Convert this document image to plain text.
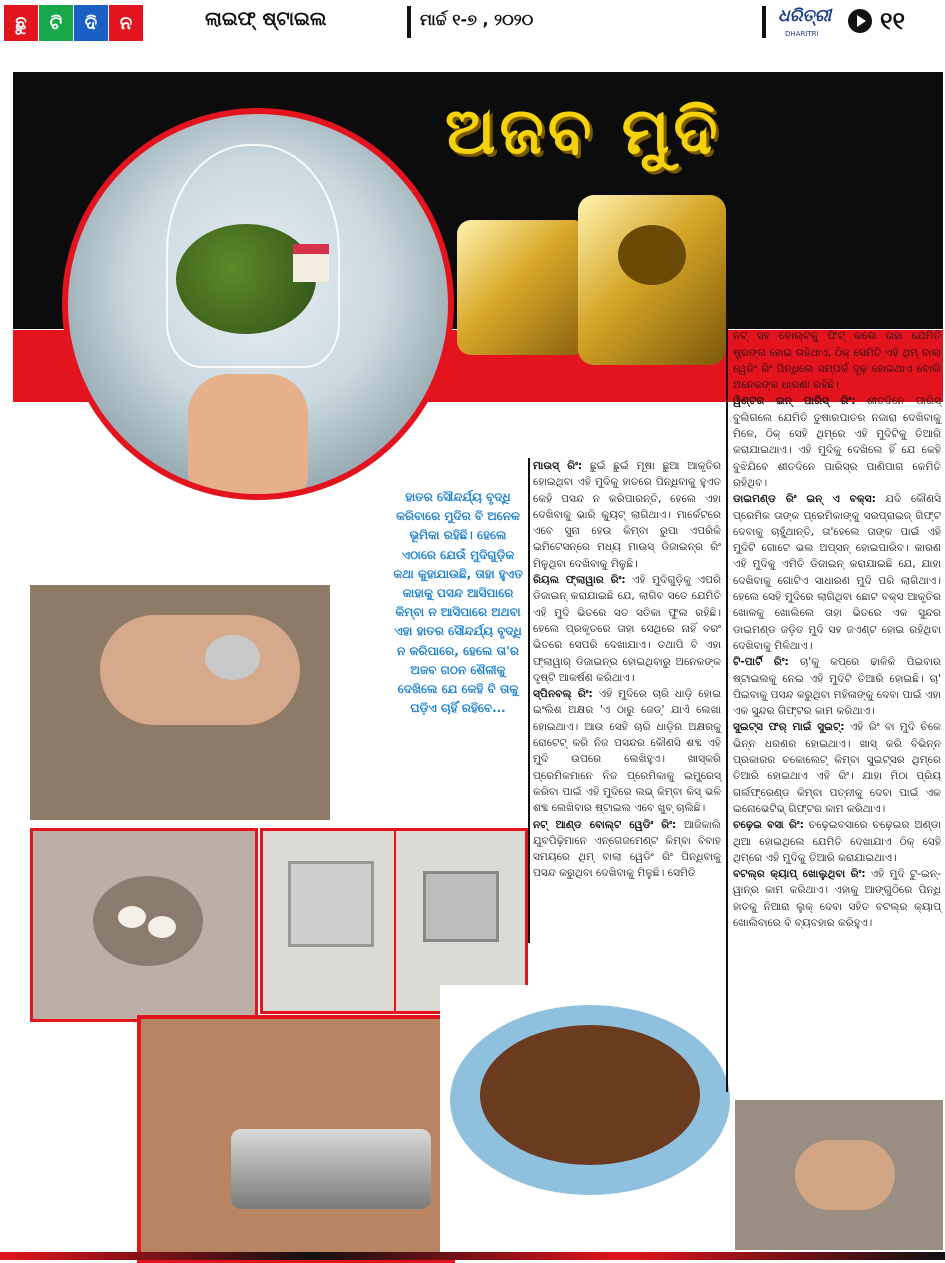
ଛୁ	ଟି	ଦି	ନ	ଲାଇଫ୍ ଷ୍ଟାଇଲ	ମାର୍ଚ୍ଚ ୧-୭ , ୨୦୨୦	ଧରିତ୍ରୀ
DHARITRI	୧୧
ଅଜବ ମୁଦି
ହାତର ସୌନ୍ଦର୍ଯ୍ୟ ବୃଦ୍ଧି କରିବାରେ ମୁଦିର ବି ଅନେକ ଭୂମିକା ରହିଛି। ହେଲେ ଏଠାରେ ଯେଉଁ ମୁଦିଗୁଡ଼ିକ କଥା କୁହାଯାଉଛି, ତାହା ହୁଏତ କାହାକୁ ପସନ୍ଦ ଆସିପାରେ କିମ୍ବା ନ ଆସିପାରେ ଅଥବା ଏହା ହାତର ସୌନ୍ଦର୍ଯ୍ୟ ବୃଦ୍ଧି ନ କରିପାରେ, ହେଲେ ତା'ର ଅଜବ ଗଠନ ଶୈଳୀକୁ ଦେଖିଲେ ଯେ କେହି ବି ତାକୁ ଘଡ଼ିଏ ଚାହିଁ ରହିବେ...

ମାଉସ୍ ରିଂ: ଛୁଇଁ ଛୁଇଁ ମୂଷା ଛୁଆ ଆକୃତିର ହୋଇଥିବା ଏହି ମୁଦିକୁ ହାତରେ ପିନ୍ଧିବାକୁ ହୁଏତ କେହି ପସନ୍ଦ ନ କରିପାରନ୍ତି, ହେଲେ ଏହା ଦେଖିବାକୁ ଭାରି କ୍ୟୁଟ୍ ଲାଗିଥାଏ। ମାର୍କେଟରେ ଏବେ ସୁନା ହେଉ କିମ୍ବା ରୁପା ଏପରିକି ଇମିଟେସନ୍‌ରେ ମଧ୍ୟ ମାଉସ୍ ଡିଜାଇନ୍‌ର ରିଂ ମିଳୁଥିବା ଦେଖିବାକୁ ମିଳୁଛି।

ରିୟଲ ଫ୍ଲାୱାର ରିଂ: ଏହି ମୁଦିଗୁଡ଼ିକୁ ଏପରି ଡିଜାଇନ୍ କରାଯାଇଛି ଯେ, ଲାଗିବ ସତେ ଯେମିତି ଏହି ମୁଦି ଭିତରେ ସତ ସତିକା ଫୁଲ ରହିଛି। ହେଲେ ପ୍ରକୃତରେ ତାହା ସେଥିରେ ନାହିଁ ବରଂ ଭିତରେ ସେପରି ଦେଖାଯାଏ। ତଥାପି ବି ଏହା ଫ୍ଲାୱାର୍ ଡିଜାଇନ୍‌ର ହୋଇଥିବାରୁ ଅନେକଙ୍କ ଦୃଷ୍ଟି ଆକର୍ଷଣ କରିଥାଏ।

ସ୍ପିନବଲ୍ ରିଂ: ଏହି ମୁଦିରେ ଚାରି ଧାଡ଼ି ହୋଇ ଇଂଲିଶ ଅକ୍ଷର 'ଏ ଠାରୁ ଜେଡ୍' ଯାଏଁ ଲେଖା ହୋଇଥାଏ। ଆଉ ସେହି ଚାରି ଧାଡ଼ିର ଅକ୍ଷରକୁ ରୋଟେଟ୍ କରି ନିଜ ପସନ୍ଦର କୌଣସି ଶବ୍ଦ ଏହି ମୁଦି ଉପରେ ଲେଖିହୁଏ। ଖାସ୍‌କରି ପ୍ରେମିକମାନେ ନିଜ ପ୍ରେମିକାକୁ ଇମ୍ପ୍ରେସ୍ କରିବା ପାଇଁ ଏହି ମୁଦିରେ ଲଭ୍ କିମ୍ବା କିସ୍ ଭଳି ଶବ୍ଦ ଲେଖିବାର ଷ୍ଟାଇଲ ଏବେ ଖୁବ୍ ଚାଲିଛି।

ନଟ୍ ଆଣ୍ଡ ବୋଲ୍ଟ ୱେଡିଂ ରିଂ: ଆଜିକାଲି ଯୁବପିଢ଼ିମାନେ ଏନ୍‌ଗେଜମେଣ୍ଟ କିମ୍ବା ବିବାହ ସମୟରେ ଥିମ୍ ବାଲା ୱେଡିଂ ରିଂ ପିନ୍ଧିବାକୁ ପସନ୍ଦ କରୁଥିବା ଦେଖିବାକୁ ମିଳୁଛି। ସେମିତି

ଏକ ଥିମ୍ ହେଉଛି ନଟ୍ ଆଣ୍ଡ ବୋଲ୍ଟ ୱେଡିଂ ରିଂ। ନଟ୍ ସହ ବୋଲ୍ଟକୁ ଫିଟ୍ କଲେ ତାହା ଯେମିତି ଷ୍ଟ୍ରଙ୍ଗ ହୋଇ ରହିଥାଏ, ଠିକ୍ ସେମିତି ଏହି ଥିମ୍ ବାଲା ୱେଡିଂ ରିଂ ପିନ୍ଧିଲେ ସମ୍ପର୍କ ଦୃଢ଼ ହୋଇଥାଏ ବୋଲି ଅନେକଙ୍କ ଧାରଣା ରହିଛି।

ୱିଣ୍ଟର ଇନ୍ ପାରିସ୍ ରିଂ: ଶୀତଦିନେ ପାରିସ୍ ବୁଲିଗଲେ ଯେମିତି ତୁଷାରପାତର ନଜାରା ଦେଖିବାକୁ ମିଳେ, ଠିକ୍ ସେହି ଥିମ୍‌ରେ ଏହି ମୁଦିଟିକୁ ତିଆରି କରାଯାଇଥାଏ। ଏହି ମୁଦିକୁ ଦେଖିଲେ ହିଁ ଯେ କେହି ବୁଝିଯିବେ ଶୀତଦିନେ ପାରିସ୍‌ର ପାଣିପାଗ କେମିତି ରହିଥିବ।

ଡାଇମଣ୍ଡ ରିଂ ଇନ୍ ଏ ବକ୍ସ: ଯଦି କୌଣସି ପ୍ରେମିକ ତାଙ୍କ ପ୍ରେମିକାଙ୍କୁ ସରପ୍ରାଇଜ୍ ଗିଫ୍ଟ ଦେବାକୁ ଚାହୁଁଥାନ୍ତି, ତା'ହେଲେ ତାଙ୍କ ପାଇଁ ଏହି ମୁଦିଟି ଗୋଟେ ଭଲ ଅପ୍ସନ୍ ହୋଇପାରିବ। କାରଣ ଏହି ମୁଦିକୁ ଏମିତି ଡିଜାଇନ୍ କରାଯାଇଛି ଯେ, ଯାହା ଦେଖିବାକୁ ଗୋଟିଏ ସାଧାରଣ ମୁଦି ପରି ଲାଗିଥାଏ। ହେଲେ ସେହି ମୁଦିରେ ଲାଗିଥିବା ଛୋଟ ବକ୍ସ ଆକୃତିର ଖୋଳକୁ ଖୋଲିଲେ ତାହା ଭିତରେ ଏକ ସୁନ୍ଦର ଡାଇମଣ୍ଡ ଜଡ଼ିତ ମୁଦି ସହ ଜଏଣ୍ଟ ହୋଇ ରହିଥିବା ଦେଖିବାକୁ ମିଳିଥାଏ।

ଟି-ପାର୍ଟି ରିଂ: ଚା'କୁ କପ୍‌ରେ ଢାଳିକି ପିଇବାର ଷ୍ଟାଇଲକୁ ନେଇ ଏହି ମୁଦିଟି ତିଆରି ହୋଇଛି। ଚା' ପିଇବାକୁ ପସନ୍ଦ କରୁଥିବା ମହିଳାଙ୍କୁ ଦେବା ପାଇଁ ଏହା ଏକ ସୁନ୍ଦର ଗିଫ୍ଟର କାମ କରିଥାଏ।

ସୁଇଟ୍ସ ଫର୍ ମାଇଁ ସୁଇଟ୍: ଏହି ରିଂ ବା ମୁଦି ଚିକେ ଭିନ୍ନ ଧରଣର ହୋଇଥାଏ। ଖାସ୍ କରି ବିଭିନ୍ନ ପ୍ରକାରର ଚକୋଲେଟ୍ କିମ୍ବା ସୁଇଟ୍ସର ଥିମ୍‌ରେ ତିଆରି ହୋଇଥାଏ ଏହି ରିଂ। ଯାହା ମିଠା ପ୍ରିୟ ଗର୍ଲଫ୍ରେଣ୍ଡ କିମ୍ବା ପତ୍ନୀକୁ ଦେବା ପାଇଁ ଏକ ଇନୋଭେଟିଭ୍ ଗିଫ୍ଟର କାମ କରିଥାଏ।

ଚଢ଼େଇ ବସା ରିଂ: ଚଢ଼େଇବସାରେ ଚଢ଼େଇର ଅଣ୍ଡା ଥିଆ ହୋଇଥିଲେ ଯେମିତି ଦେଖାଯାଏ ଠିକ୍ ସେହି ଥିମ୍‌ରେ ଏହି ମୁଦିକୁ ତିଆରି କରାଯାଇଥାଏ।

ବଟଲ୍‌ର କ୍ୟାପ୍ ଖୋଲୁଥିବା ରିଂ: ଏହି ମୁଦି ଟୁ-ଇନ୍-ୱାନ୍‌ର କାମ କରିଥାଏ। ଏହାକୁ ଆଙ୍ଗୁଠିରେ ପିନ୍ଧି ହାତକୁ ନିଆରା ଲୁକ୍ ଦେବା ସହିତ ବଟଲ୍‌ର କ୍ୟାପ୍ ଖୋଲିବାରେ ବି ବ୍ୟବହାର କରିହୁଏ।
